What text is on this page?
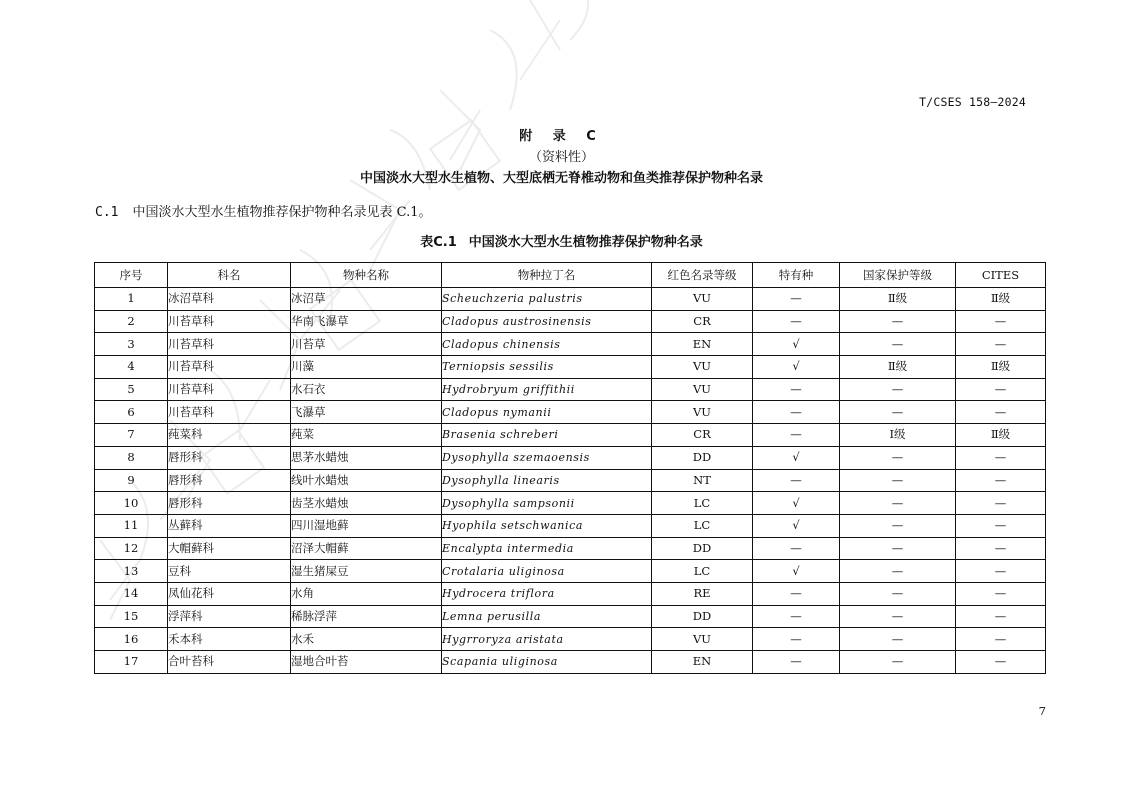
T/CSES 158—2024
附 录 C
（资料性）
中国淡水大型水生植物、大型底栖无脊椎动物和鱼类推荐保护物种名录
C.1 中国淡水大型水生植物推荐保护物种名录见表 C.1。
表C.1 中国淡水大型水生植物推荐保护物种名录
序号	科名	物种名称	物种拉丁名	红色名录等级	特有种	国家保护等级	CITES
1	冰沼草科	冰沼草	Scheuchzeria palustris	VU	—	Ⅱ级	Ⅱ级
2	川苔草科	华南飞瀑草	Cladopus austrosinensis	CR	—	—	—
3	川苔草科	川苔草	Cladopus chinensis	EN	√	—	—
4	川苔草科	川藻	Terniopsis sessilis	VU	√	Ⅱ级	Ⅱ级
5	川苔草科	水石衣	Hydrobryum griffithii	VU	—	—	—
6	川苔草科	飞瀑草	Cladopus nymanii	VU	—	—	—
7	莼菜科	莼菜	Brasenia schreberi	CR	—	Ⅰ级	Ⅱ级
8	唇形科	思茅水蜡烛	Dysophylla szemaoensis	DD	√	—	—
9	唇形科	线叶水蜡烛	Dysophylla linearis	NT	—	—	—
10	唇形科	齿茎水蜡烛	Dysophylla sampsonii	LC	√	—	—
11	丛藓科	四川湿地藓	Hyophila setschwanica	LC	√	—	—
12	大帽藓科	沼泽大帽藓	Encalypta intermedia	DD	—	—	—
13	豆科	湿生猪屎豆	Crotalaria uliginosa	LC	√	—	—
14	凤仙花科	水角	Hydrocera triflora	RE	—	—	—
15	浮萍科	稀脉浮萍	Lemna perusilla	DD	—	—	—
16	禾本科	水禾	Hygrroryza aristata	VU	—	—	—
17	合叶苔科	湿地合叶苔	Scapania uliginosa	EN	—	—	—
7
